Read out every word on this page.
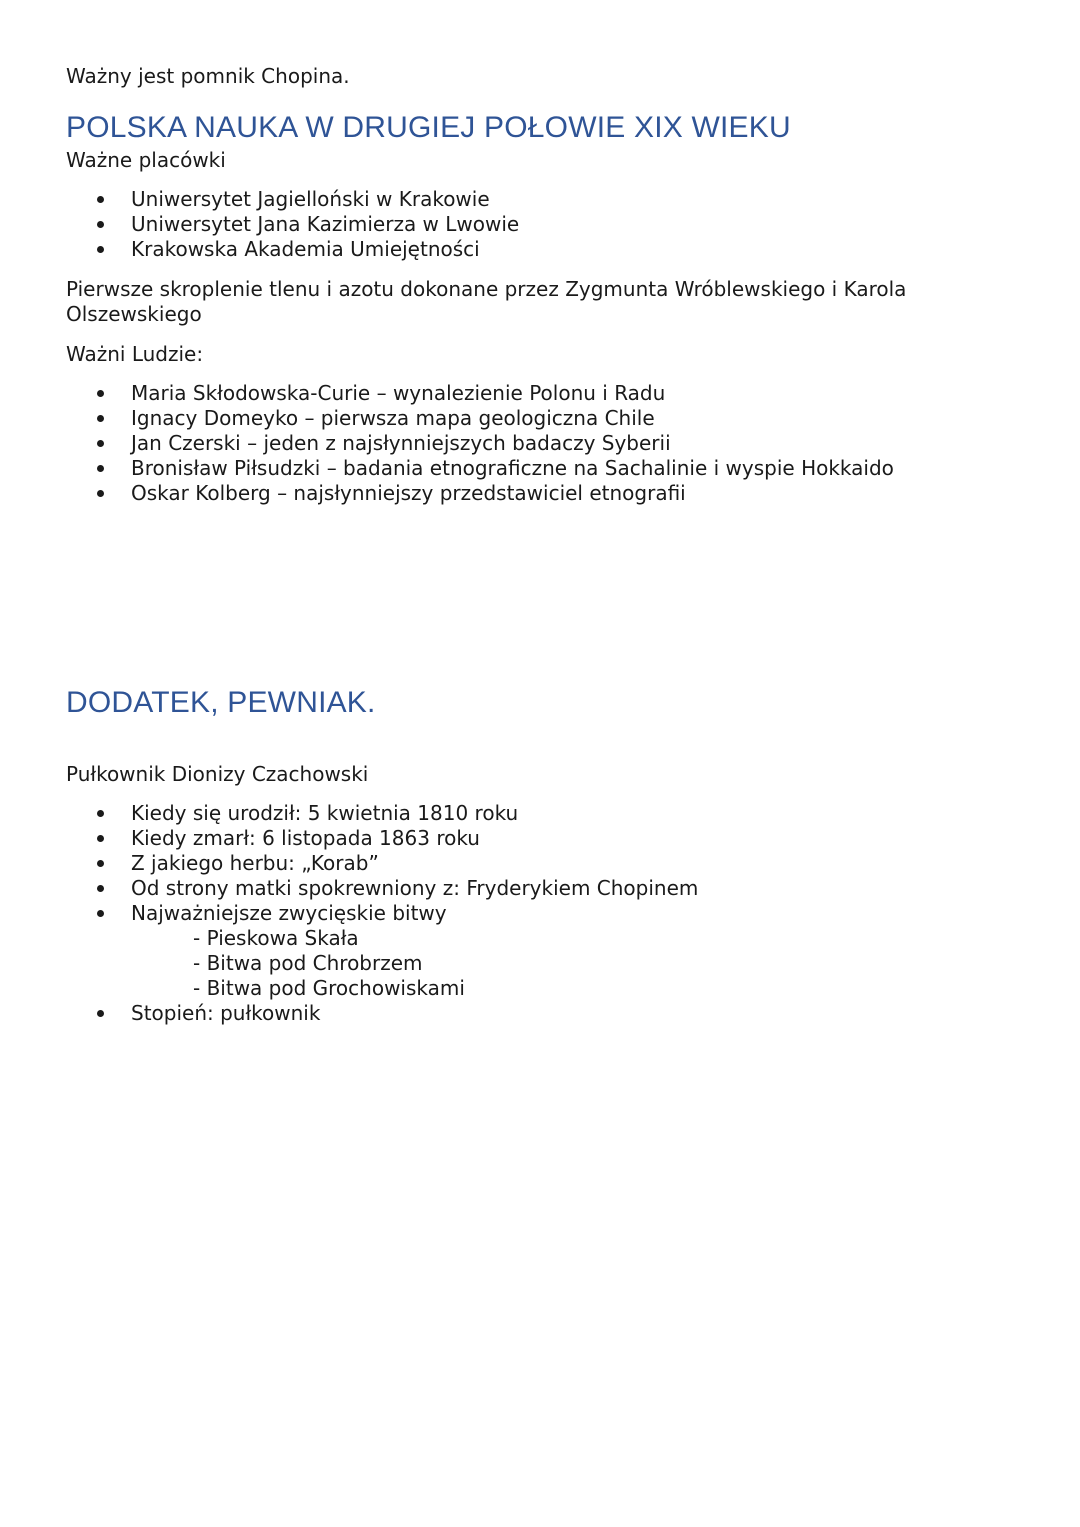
Ważny jest pomnik Chopina.

POLSKA NAUKA W DRUGIEJ POŁOWIE XIX WIEKU

Ważne placówki

Uniwersytet Jagielloński w Krakowie
Uniwersytet Jana Kazimierza w Lwowie
Krakowska Akademia Umiejętności

Pierwsze skroplenie tlenu i azotu dokonane przez Zygmunta Wróblewskiego i Karola

Olszewskiego

Ważni Ludzie:

Maria Skłodowska-Curie – wynalezienie Polonu i Radu
Ignacy Domeyko – pierwsza mapa geologiczna Chile
Jan Czerski – jeden z najsłynniejszych badaczy Syberii
Bronisław Piłsudzki – badania etnograficzne na Sachalinie i wyspie Hokkaido
Oskar Kolberg – najsłynniejszy przedstawiciel etnografii
DODATEK, PEWNIAK.

Pułkownik Dionizy Czachowski

Kiedy się urodził: 5 kwietnia 1810 roku
Kiedy zmarł: 6 listopada 1863 roku
Z jakiego herbu: „Korab”
Od strony matki spokrewniony z: Fryderykiem Chopinem
Najważniejsze zwycięskie bitwy
- Pieskowa Skała
- Bitwa pod Chrobrzem
- Bitwa pod Grochowiskami
Stopień: pułkownik
